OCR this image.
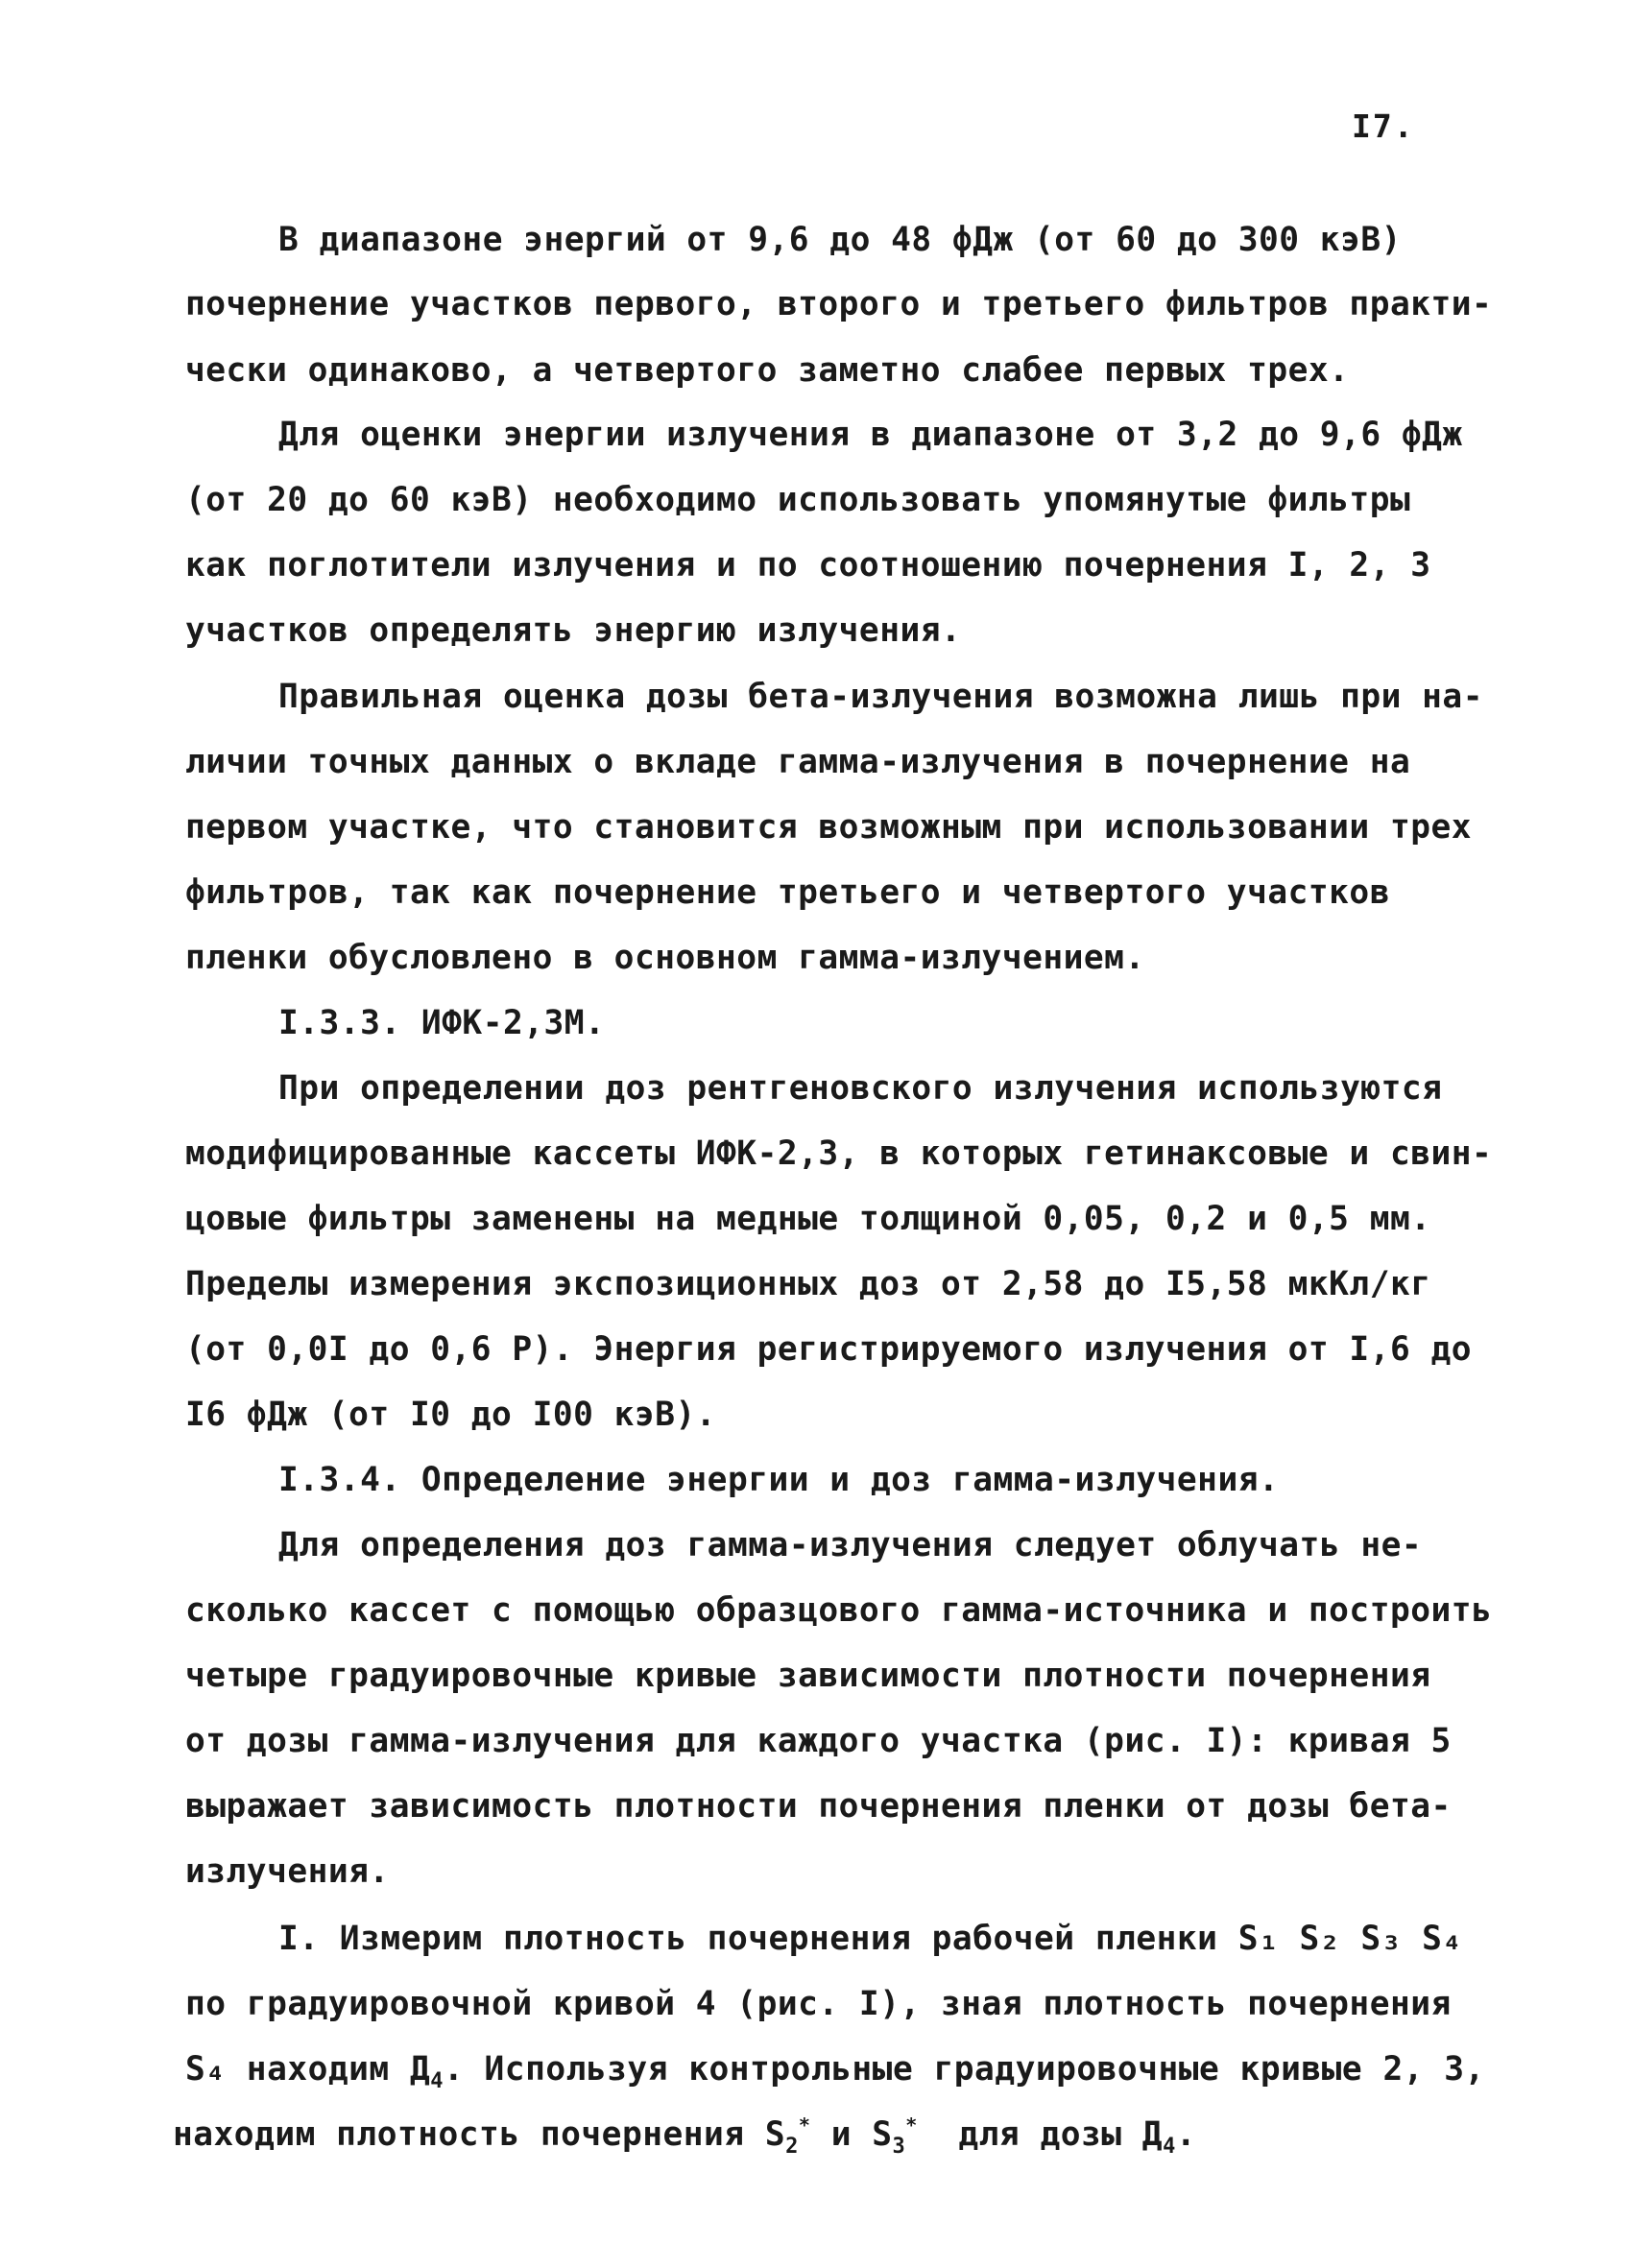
I7.
В диапазоне энергий от 9,6 до 48 фДж (от 60 до 300 кэВ)
почернение участков первого, второго и третьего фильтров практи-
чески одинаково, а четвертого заметно слабее первых трех.
Для оценки энергии излучения в диапазоне от 3,2 до 9,6 фДж
(от 20 до 60 кэВ) необходимо использовать упомянутые фильтры
как поглотители излучения и по соотношению почернения I, 2, 3
участков определять энергию излучения.
Правильная оценка дозы бета-излучения возможна лишь при на-
личии точных данных о вкладе гамма-излучения в почернение на
первом участке, что становится возможным при использовании трех
фильтров, так как почернение третьего и четвертого участков
пленки обусловлено в основном гамма-излучением.
I.3.3. ИФК-2,3М.
При определении доз рентгеновского излучения используются
модифицированные кассеты ИФК-2,3, в которых гетинаксовые и свин-
цовые фильтры заменены на медные толщиной 0,05, 0,2 и 0,5 мм.
Пределы измерения экспозиционных доз от 2,58 до I5,58 мкКл/кг
(от 0,0I до 0,6 Р). Энергия регистрируемого излучения от I,6 до
I6 фДж (от I0 до I00 кэВ).
I.3.4. Определение энергии и доз гамма-излучения.
Для определения доз гамма-излучения следует облучать не-
сколько кассет с помощью образцового гамма-источника и построить
четыре градуировочные кривые зависимости плотности почернения
от дозы гамма-излучения для каждого участка (рис. I): кривая 5
выражает зависимость плотности почернения пленки от дозы бета-
излучения.
I. Измерим плотность почернения рабочей пленки S₁ S₂ S₃ S₄
по градуировочной кривой 4 (рис. I), зная плотность почернения
S₄ находим $Д_4$. Используя контрольные градуировочные кривые 2, 3,
находим плотность почернения $S_2^*$ и $S_3^*$  для дозы $Д_4$.
